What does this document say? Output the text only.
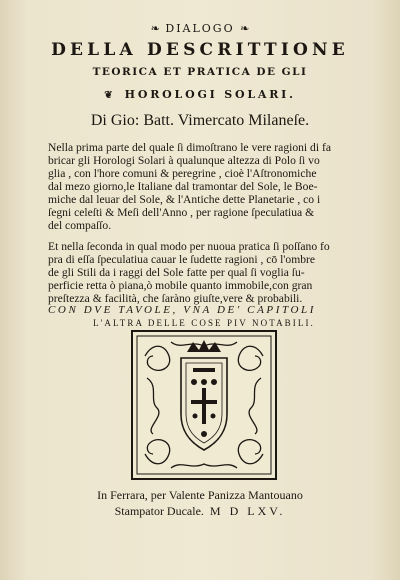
❧ DIALOGO ❧
DELLA DESCRITTIONE
TEORICA ET PRATICA DE GLI
❦ HOROLOGI SOLARI.
Di Gio: Batt. Vimercato Milaneſe.
Nella prima parte del quale ſi dimoſtrano le vere ragioni di fa
bricar gli Horologi Solari à qualunque altezza di Polo ſi vo
glia , con l'hore comuni & peregrine , cioè l'Aſtronomiche
dal mezo giorno,le Italiane dal tramontar del Sole, le Boe-
miche dal leuar del Sole, & l'Antiche dette Planetarie , co i
ſegni celeſti & Meſi dell'Anno , per ragione ſpeculatiua &
del compaſſo.
Et nella ſeconda in qual modo per nuoua pratica ſi poſſano fo
pra di eſſa ſpeculatiua cauar le ſudette ragioni , cō l'ombre
de gli Stili da i raggi del Sole fatte per qual ſi voglia ſu-
perficie retta ò piana,ò mobile quanto immobile,con gran
preſtezza & facilità, che ſaràno giuſte,vere & probabili.
CON DVE TAVOLE, VNA DE' CAPITOLI
L'ALTRA DELLE COSE PIV NOTABILI.
In Ferrara, per Valente Panizza Mantouano
Stampator Ducale. M D LXV.
